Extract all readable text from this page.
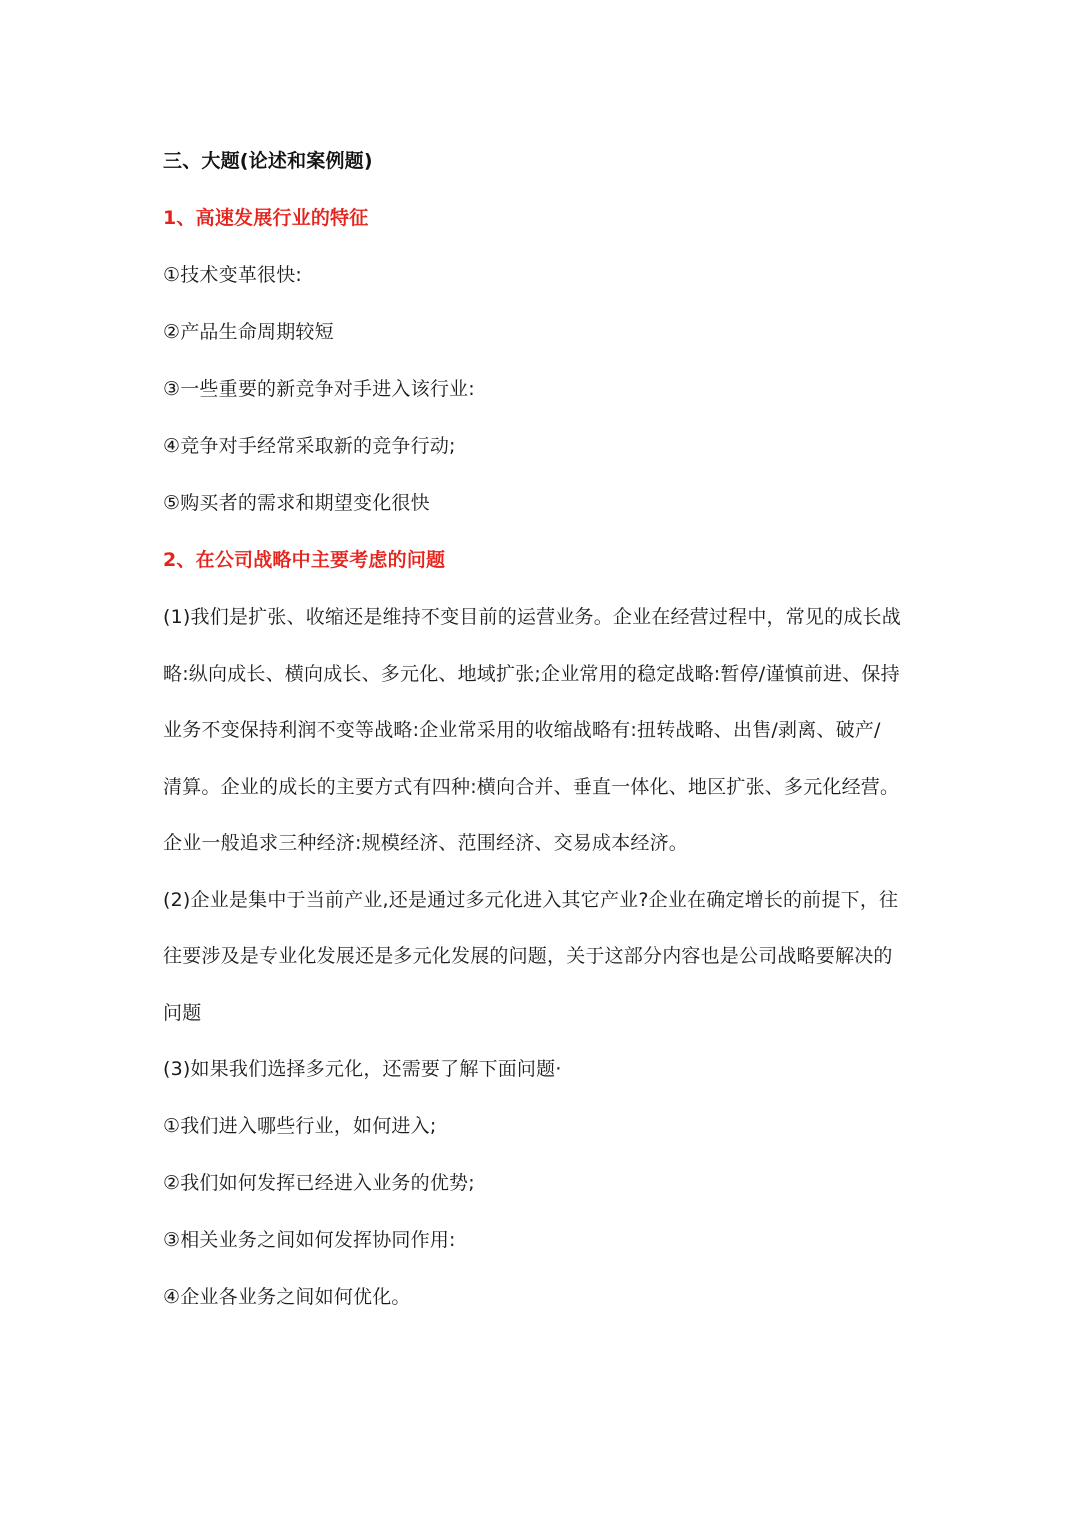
三、大题(论述和案例题)
1、高速发展行业的特征
①技术变革很快:
②产品生命周期较短
③一些重要的新竞争对手进入该行业:
④竞争对手经常采取新的竞争行动;
⑤购买者的需求和期望变化很快
2、在公司战略中主要考虑的问题
(1)我们是扩张、收缩还是维持不变目前的运营业务。企业在经营过程中，常见的成长战
略:纵向成长、横向成长、多元化、地域扩张;企业常用的稳定战略:暂停/谨慎前进、保持
业务不变保持利润不变等战略:企业常采用的收缩战略有:扭转战略、出售/剥离、破产/
清算。企业的成长的主要方式有四种:横向合并、垂直一体化、地区扩张、多元化经营。
企业一般追求三种经济:规模经济、范围经济、交易成本经济。
(2)企业是集中于当前产业,还是通过多元化进入其它产业?企业在确定增长的前提下，往
往要涉及是专业化发展还是多元化发展的问题，关于这部分内容也是公司战略要解决的
问题
(3)如果我们选择多元化，还需要了解下面问题·
①我们进入哪些行业，如何进入;
②我们如何发挥已经进入业务的优势;
③相关业务之间如何发挥协同作用:
④企业各业务之间如何优化。
